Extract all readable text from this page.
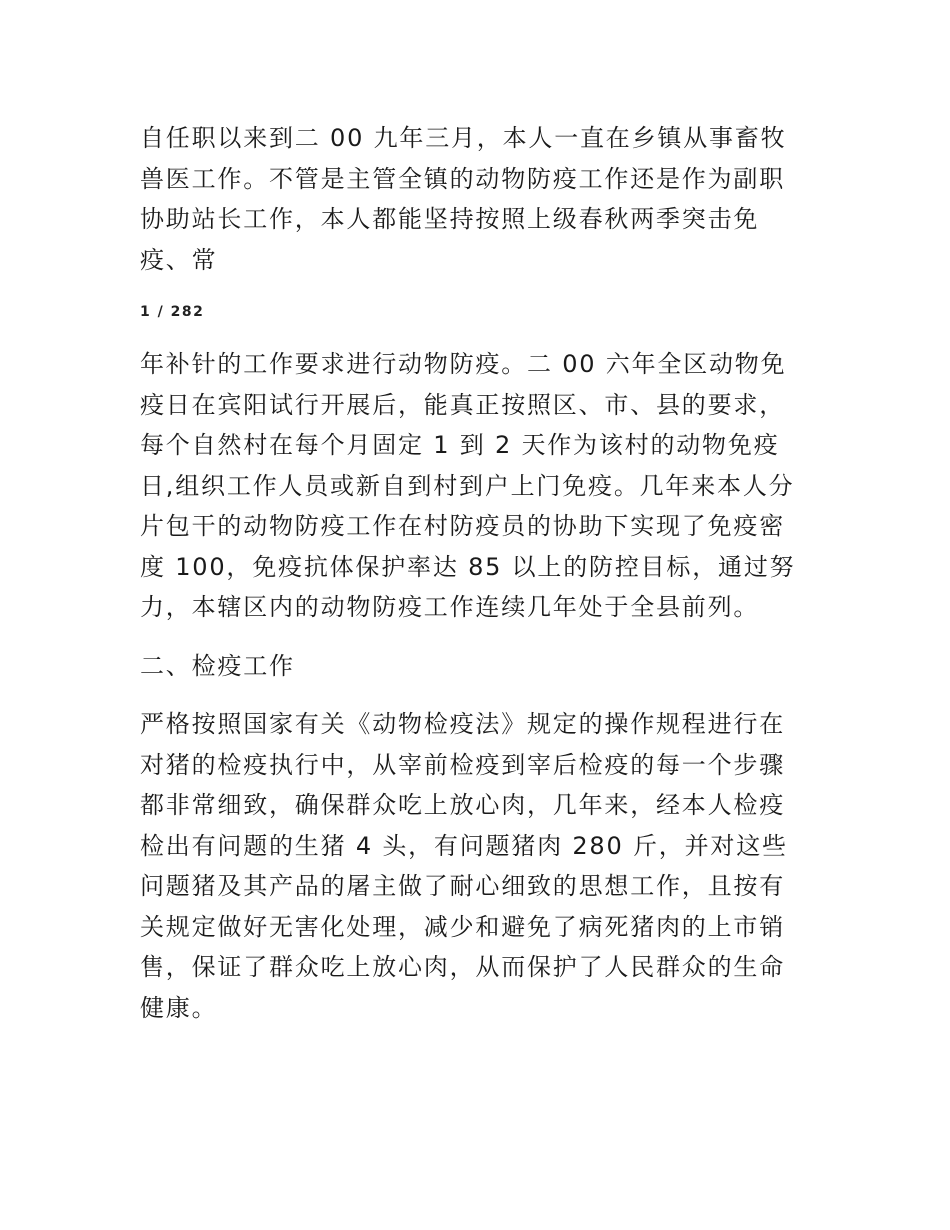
自任职以来到二 00 九年三月，本人一直在乡镇从事畜牧兽医工作。不管是主管全镇的动物防疫工作还是作为副职协助站长工作，本人都能坚持按照上级春秋两季突击免疫、常

1 / 282

年补针的工作要求进行动物防疫。二 00 六年全区动物免疫日在宾阳试行开展后，能真正按照区、市、县的要求，每个自然村在每个月固定 1 到 2 天作为该村的动物免疫日,组织工作人员或新自到村到户上门免疫。几年来本人分片包干的动物防疫工作在村防疫员的协助下实现了免疫密度 100，免疫抗体保护率达 85 以上的防控目标，通过努力，本辖区内的动物防疫工作连续几年处于全县前列。

二、检疫工作

严格按照国家有关《动物检疫法》规定的操作规程进行在对猪的检疫执行中，从宰前检疫到宰后检疫的每一个步骤都非常细致，确保群众吃上放心肉，几年来，经本人检疫检出有问题的生猪 4 头，有问题猪肉 280 斤，并对这些问题猪及其产品的屠主做了耐心细致的思想工作，且按有关规定做好无害化处理，减少和避免了病死猪肉的上市销售，保证了群众吃上放心肉，从而保护了人民群众的生命健康。
